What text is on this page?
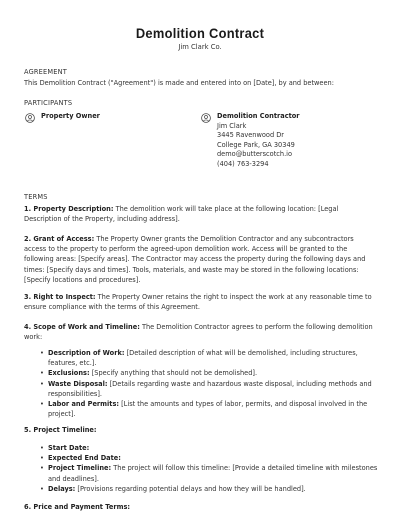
Demolition Contract
Jim Clark Co.
AGREEMENT
This Demolition Contract ("Agreement") is made and entered into on [Date], by and between:
PARTICIPANTS
Property Owner	Demolition Contractor
Jim Clark
3445 Ravenwood Dr
College Park, GA 30349
demo@butterscotch.io
(404) 763-3294
TERMS
1. Property Description: The demolition work will take place at the following location: [Legal Description of the Property, including address].
2. Grant of Access: The Property Owner grants the Demolition Contractor and any subcontractors access to the property to perform the agreed-upon demolition work. Access will be granted to the following areas: [Specify areas]. The Contractor may access the property during the following days and times: [Specify days and times]. Tools, materials, and waste may be stored in the following locations: [Specify locations and procedures].
3. Right to Inspect: The Property Owner retains the right to inspect the work at any reasonable time to ensure compliance with the terms of this Agreement.
4. Scope of Work and Timeline: The Demolition Contractor agrees to perform the following demolition work:
• Description of Work: [Detailed description of what will be demolished, including structures, features, etc.].
• Exclusions: [Specify anything that should not be demolished].
• Waste Disposal: [Details regarding waste and hazardous waste disposal, including methods and responsibilities].
• Labor and Permits: [List the amounts and types of labor, permits, and disposal involved in the project].
5. Project Timeline:
• Start Date:
• Expected End Date:
• Project Timeline: The project will follow this timeline: [Provide a detailed timeline with milestones and deadlines].
• Delays: [Provisions regarding potential delays and how they will be handled].
6. Price and Payment Terms:
